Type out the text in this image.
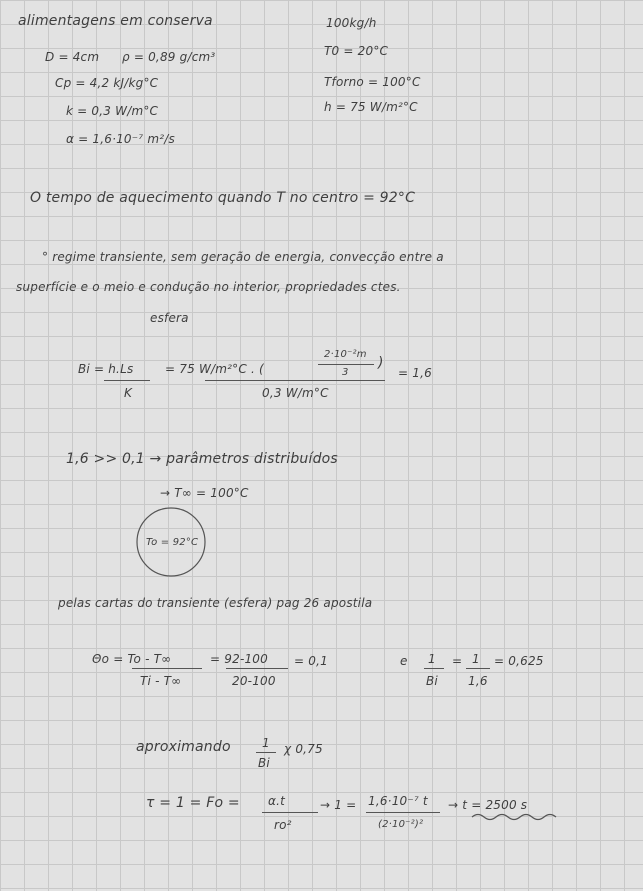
alimentagens em conserva	100kg/h
D = 4cm ρ = 0,89 g/cm³	T0 = 20°C
Cp = 4,2 kJ/kg°C	Tforno = 100°C
k = 0,3 W/m°C	h = 75 W/m²°C
α = 1,6·10⁻⁷ m²/s
O tempo de aquecimento quando T no centro = 92°C
° regime transiente, sem geração de energia, convecção entre a
superfície e o meio e condução no interior, propriedades ctes.
esfera
Bi = h.Ls
K
= 75 W/m²°C . (
2·10⁻²m
3
)
0,3 W/m°C
= 1,6
1,6 >> 0,1 → parâmetros distribuídos
→ T∞ = 100°C
To = 92°C
pelas cartas do transiente (esfera) pag 26 apostila
Θo = To - T∞
Ti - T∞
= 92-100
20-100
= 0,1	e 1
Bi
= 1
1,6
= 0,625
aproximando	1
Bi
χ 0,75
τ = 1 = Fo = α.t
ro²
→ 1 = 1,6·10⁻⁷ t
(2·10⁻²)²
→ t = 2500 s
